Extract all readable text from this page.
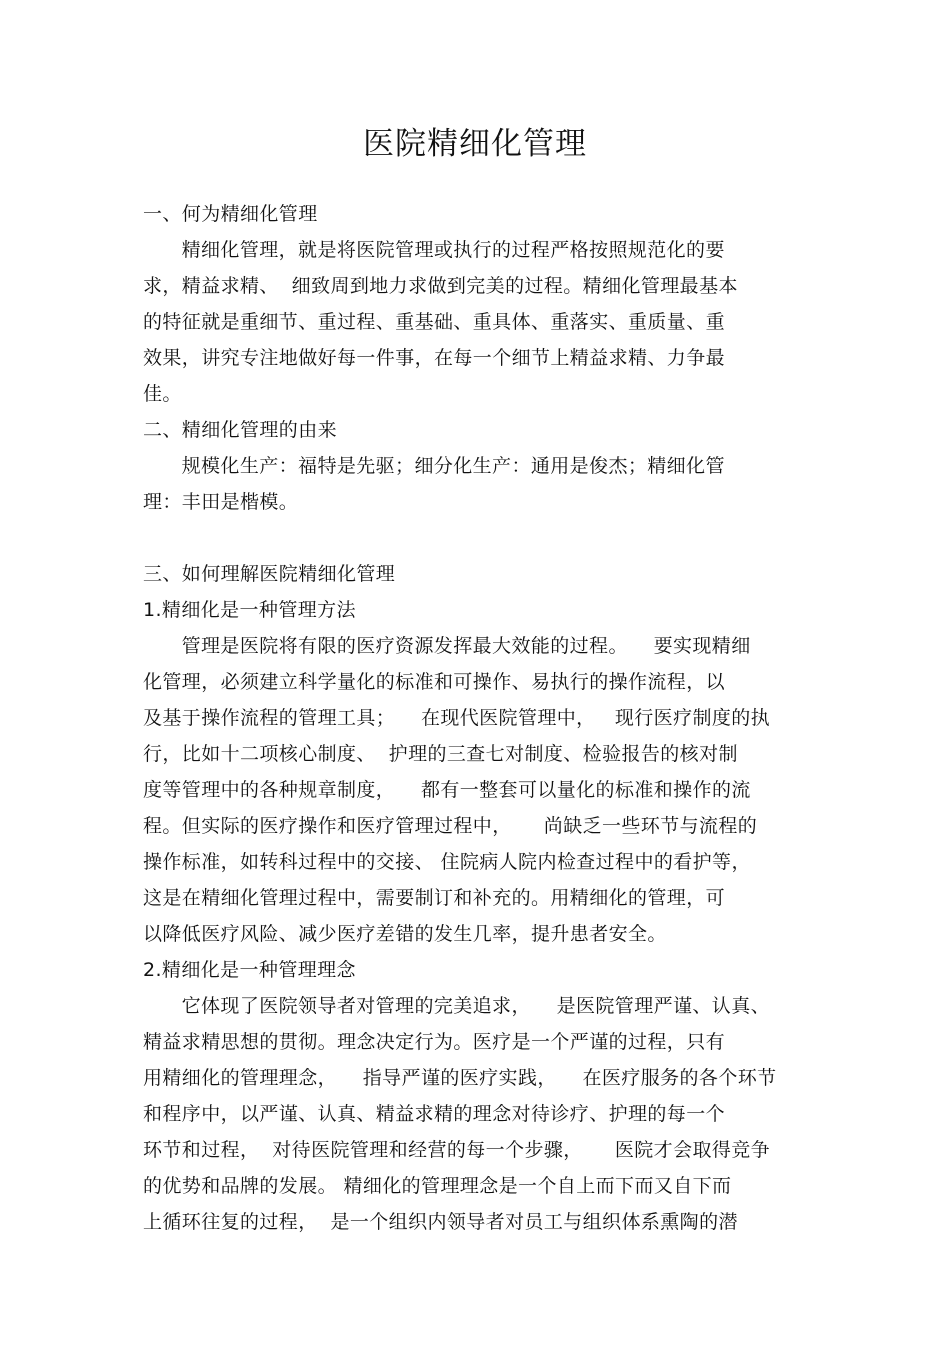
医院精细化管理
一、何为精细化管理
精细化管理，就是将医院管理或执行的过程严格按照规范化的要
求，精益求精、  细致周到地力求做到完美的过程。精细化管理最基本
的特征就是重细节、重过程、重基础、重具体、重落实、重质量、重
效果，讲究专注地做好每一件事，在每一个细节上精益求精、力争最
佳。
二、精细化管理的由来
规模化生产：福特是先驱；细分化生产：通用是俊杰；精细化管
理：丰田是楷模。
三、如何理解医院精细化管理
1.精细化是一种管理方法
管理是医院将有限的医疗资源发挥最大效能的过程。    要实现精细
化管理，必须建立科学量化的标准和可操作、易执行的操作流程，以
及基于操作流程的管理工具；    在现代医院管理中，   现行医疗制度的执
行，比如十二项核心制度、  护理的三查七对制度、检验报告的核对制
度等管理中的各种规章制度，    都有一整套可以量化的标准和操作的流
程。但实际的医疗操作和医疗管理过程中，     尚缺乏一些环节与流程的
操作标准，如转科过程中的交接、 住院病人院内检查过程中的看护等，
这是在精细化管理过程中，需要制订和补充的。用精细化的管理，可
以降低医疗风险、减少医疗差错的发生几率，提升患者安全。
2.精细化是一种管理理念
它体现了医院领导者对管理的完美追求，    是医院管理严谨、认真、
精益求精思想的贯彻。理念决定行为。医疗是一个严谨的过程，只有
用精细化的管理理念，    指导严谨的医疗实践，    在医疗服务的各个环节
和程序中，以严谨、认真、精益求精的理念对待诊疗、护理的每一个
环节和过程，  对待医院管理和经营的每一个步骤，     医院才会取得竞争
的优势和品牌的发展。 精细化的管理理念是一个自上而下而又自下而
上循环往复的过程，  是一个组织内领导者对员工与组织体系熏陶的潜
